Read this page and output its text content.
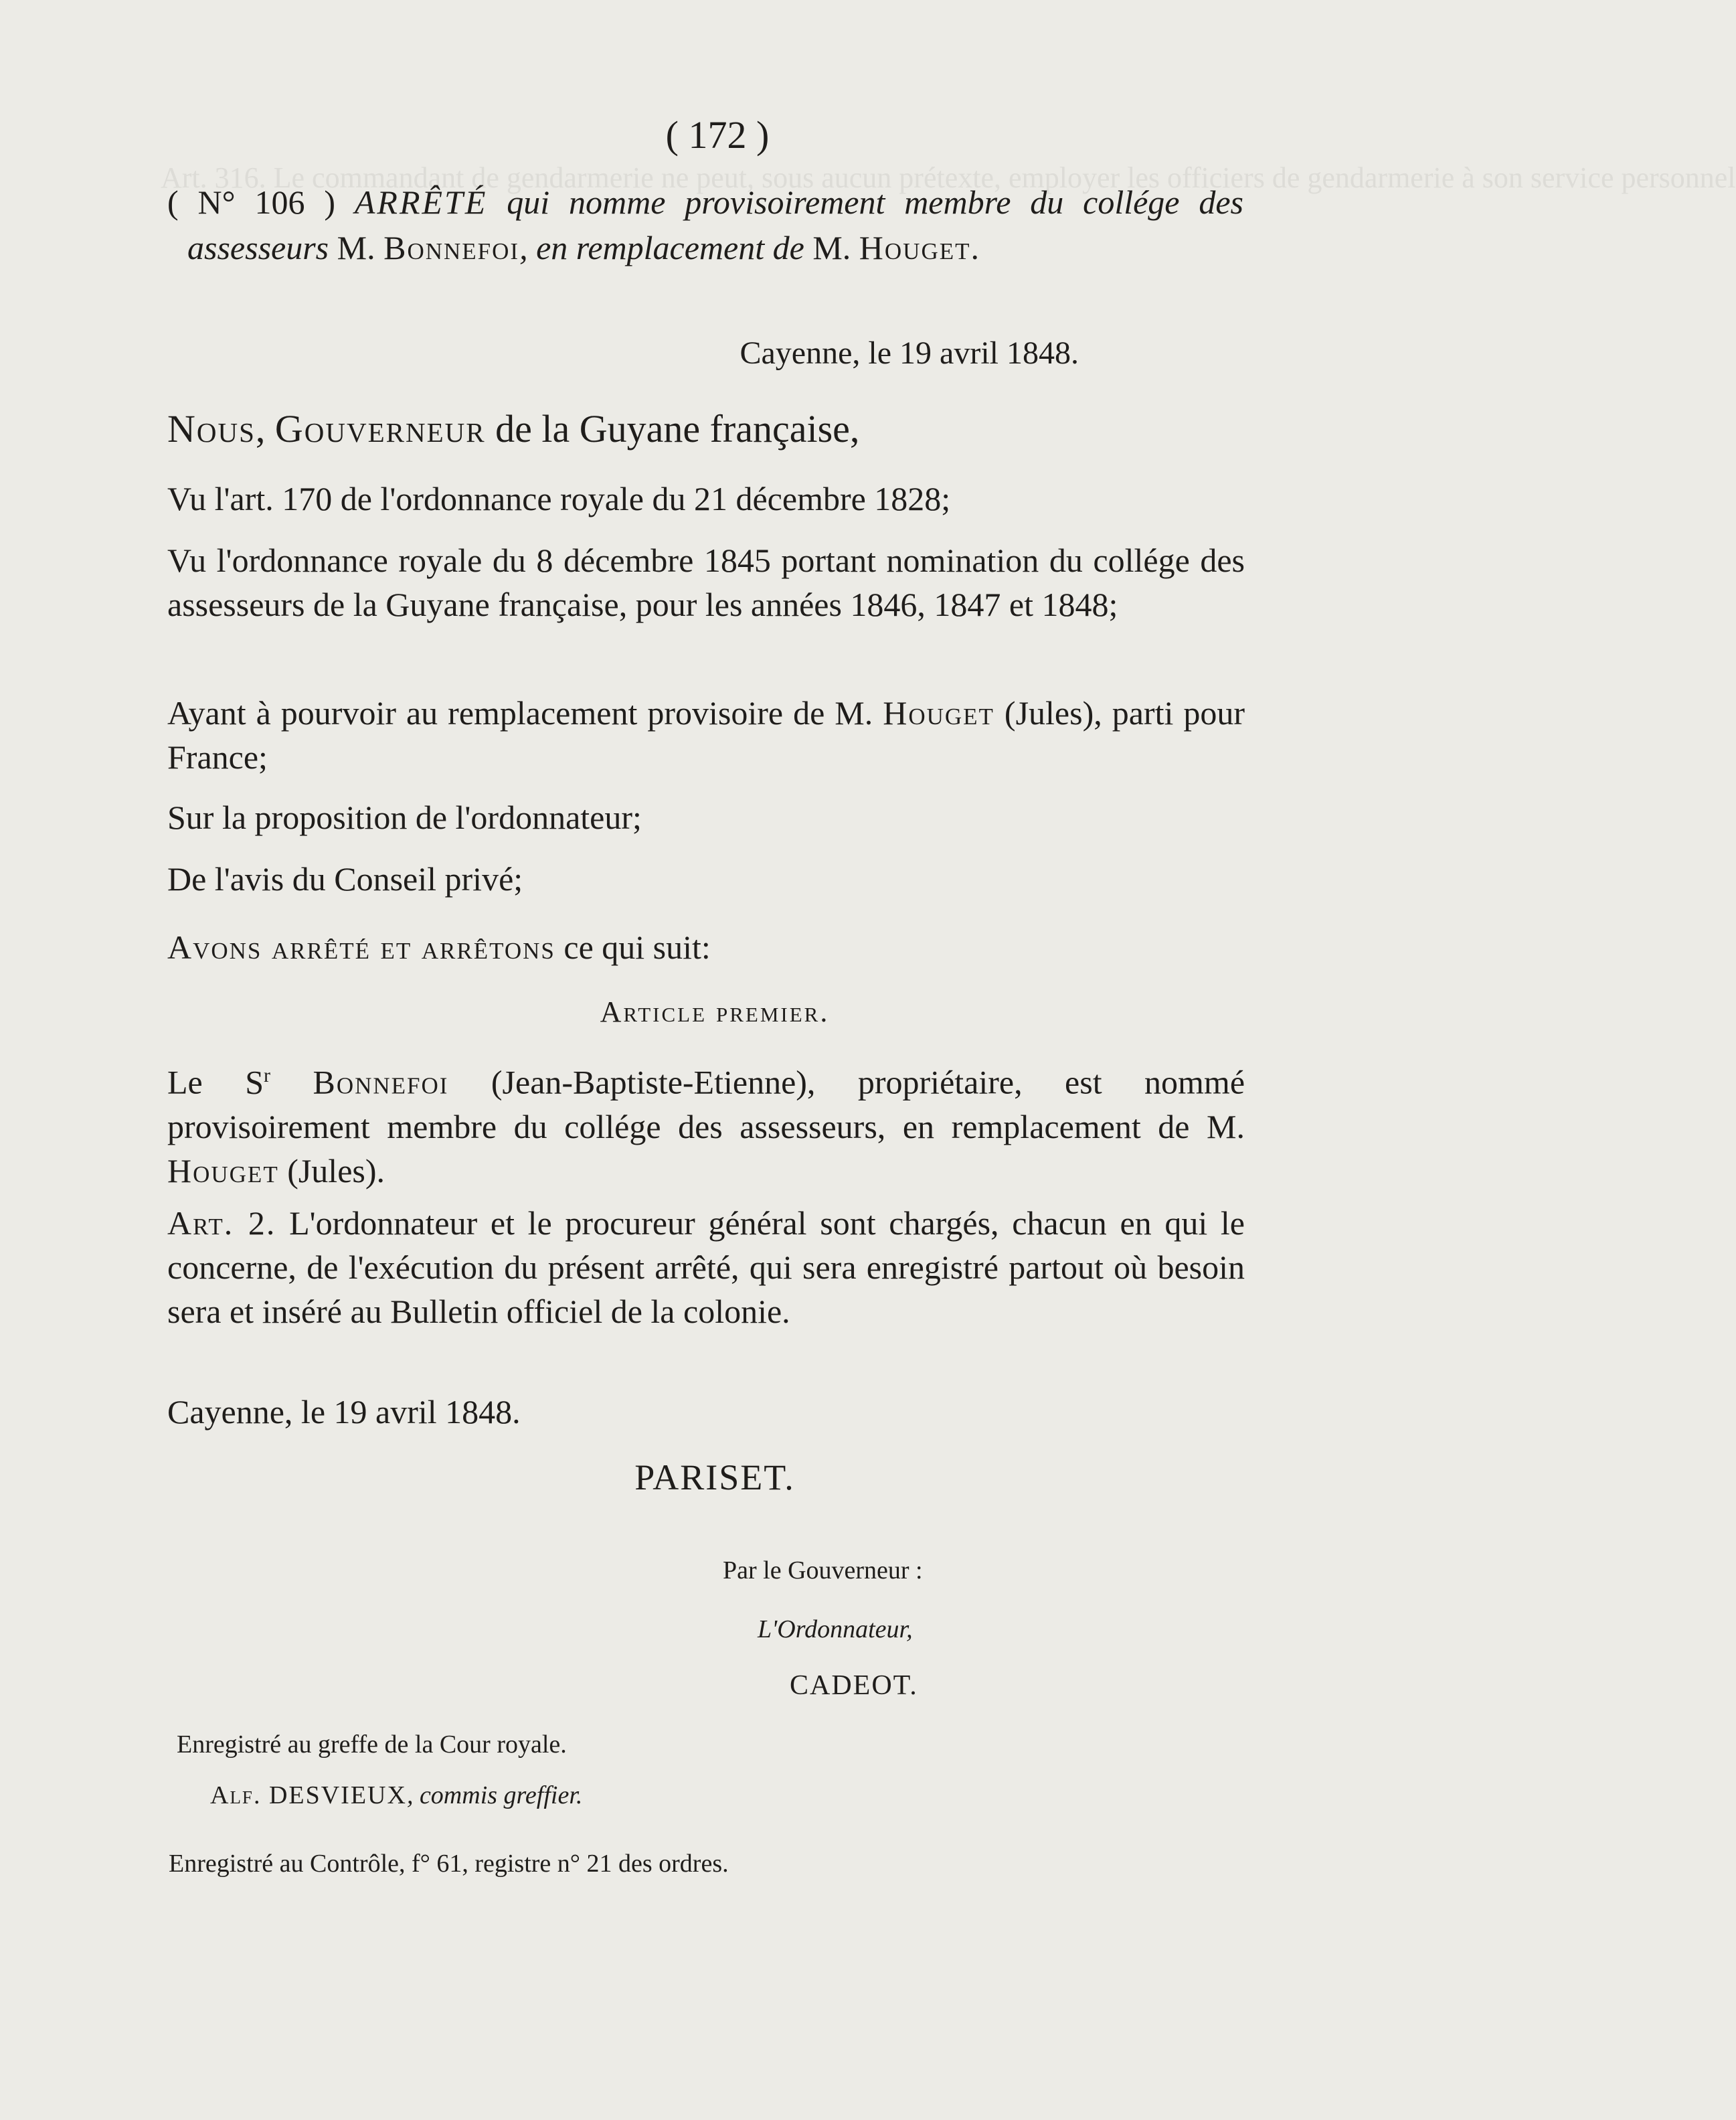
Art. 316. Le commandant de gendarmerie ne peut, sous aucun prétexte, employer les officiers de gendarmerie à son service personnel
( 172 )

( N° 106 ) ARRÊTÉ qui nomme provisoirement membre du collége des assesseurs M. Bonnefoi, en remplacement de M. Houget.

Cayenne, le 19 avril 1848.

Nous, Gouverneur de la Guyane française,

Vu l'art. 170 de l'ordonnance royale du 21 décembre 1828;

Vu l'ordonnance royale du 8 décembre 1845 portant nomination du collége des assesseurs de la Guyane française, pour les années 1846, 1847 et 1848;

Ayant à pourvoir au remplacement provisoire de M. Houget (Jules), parti pour France;

Sur la proposition de l'ordonnateur;

De l'avis du Conseil privé;

Avons arrêté et arrêtons ce qui suit:

Article premier.

Le $S^r$ Bonnefoi (Jean-Baptiste-Etienne), propriétaire, est nommé provisoirement membre du collége des assesseurs, en remplacement de M. Houget (Jules).

Art. 2. L'ordonnateur et le procureur général sont chargés, chacun en qui le concerne, de l'exécution du présent arrêté, qui sera enregistré partout où besoin sera et inséré au Bulletin officiel de la colonie.

Cayenne, le 19 avril 1848.

PARISET.
Par le Gouverneur :
L'Ordonnateur,
CADEOT.
Enregistré au greffe de la Cour royale.
Alf. DESVIEUX, commis greffier.
Enregistré au Contrôle, f° 61, registre n° 21 des ordres.
